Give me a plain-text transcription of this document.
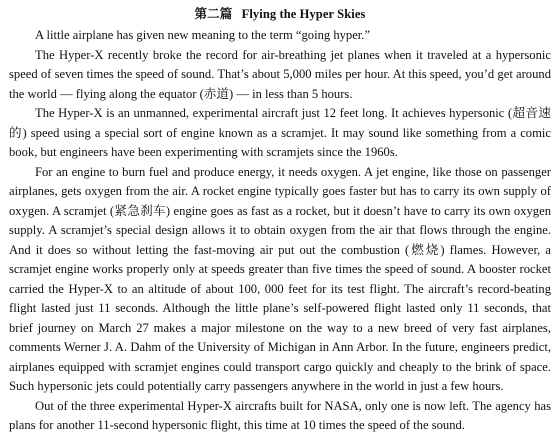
第二篇 Flying the Hyper Skies

A little airplane has given new meaning to the term “going hyper.”

The Hyper-X recently broke the record for air-breathing jet planes when it traveled at a hypersonic speed of seven times the speed of sound. That’s about 5,000 miles per hour. At this speed, you’d get around the world — flying along the equator (赤道) — in less than 5 hours.

The Hyper-X is an unmanned, experimental aircraft just 12 feet long. It achieves hypersonic (超音速的) speed using a special sort of engine known as a scramjet. It may sound like something from a comic book, but engineers have been experimenting with scramjets since the 1960s.

For an engine to burn fuel and produce energy, it needs oxygen. A jet engine, like those on passenger airplanes, gets oxygen from the air. A rocket engine typically goes faster but has to carry its own supply of oxygen. A scramjet (紧急刹车) engine goes as fast as a rocket, but it doesn’t have to carry its own oxygen supply. A scramjet’s special design allows it to obtain oxygen from the air that flows through the engine. And it does so without letting the fast-moving air put out the combustion (燃烧) flames. However, a scramjet engine works properly only at speeds greater than five times the speed of sound. A booster rocket carried the Hyper-X to an altitude of about 100, 000 feet for its test flight. The aircraft’s record-beating flight lasted just 11 seconds. Although the little plane’s self-powered flight lasted only 11 seconds, that brief journey on March 27 makes a major milestone on the way to a new breed of very fast airplanes, comments Werner J. A. Dahm of the University of Michigan in Ann Arbor. In the future, engineers predict, airplanes equipped with scramjet engines could transport cargo quickly and cheaply to the brink of space. Such hypersonic jets could potentially carry passengers anywhere in the world in just a few hours.

Out of the three experimental Hyper-X aircrafts built for NASA, only one is now left. The agency has plans for another 11-second hypersonic flight, this time at 10 times the speed of the sound.
